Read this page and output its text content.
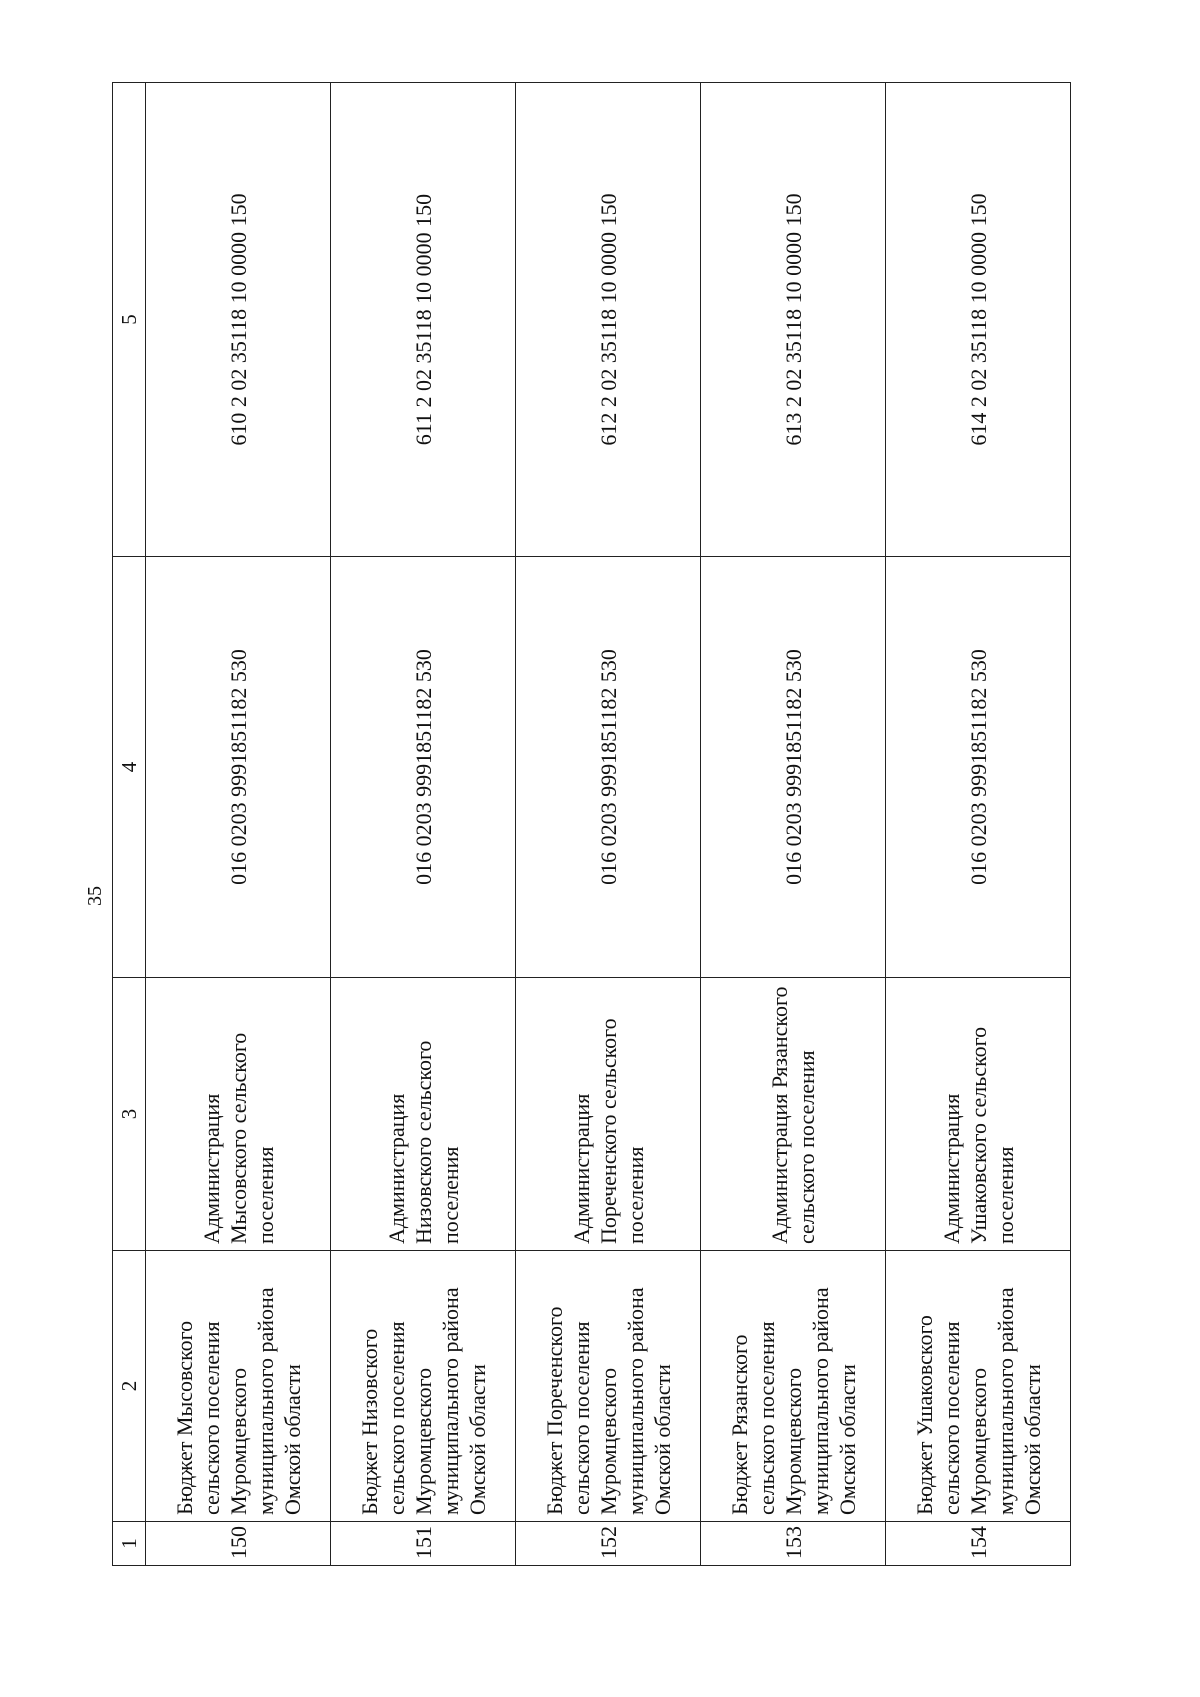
35
1	2	3	4	5
150	Бюджет Мысовского сельского поселения Муромцевского муниципального района Омской области	Администрация Мысовского сельского поселения	016 0203 9991851182 530	610 2 02 35118 10 0000 150
151	Бюджет Низовского сельского поселения Муромцевского муниципального района Омской области	Администрация Низовского сельского поселения	016 0203 9991851182 530	611 2 02 35118 10 0000 150
152	Бюджет Пореченского сельского поселения Муромцевского муниципального района Омской области	Администрация Пореченского сельского поселения	016 0203 9991851182 530	612 2 02 35118 10 0000 150
153	Бюджет Рязанского сельского поселения Муромцевского муниципального района Омской области	Администрация Рязанского сельского поселения	016 0203 9991851182 530	613 2 02 35118 10 0000 150
154	Бюджет Ушаковского сельского поселения Муромцевского муниципального района Омской области	Администрация Ушаковского сельского поселения	016 0203 9991851182 530	614 2 02 35118 10 0000 150
